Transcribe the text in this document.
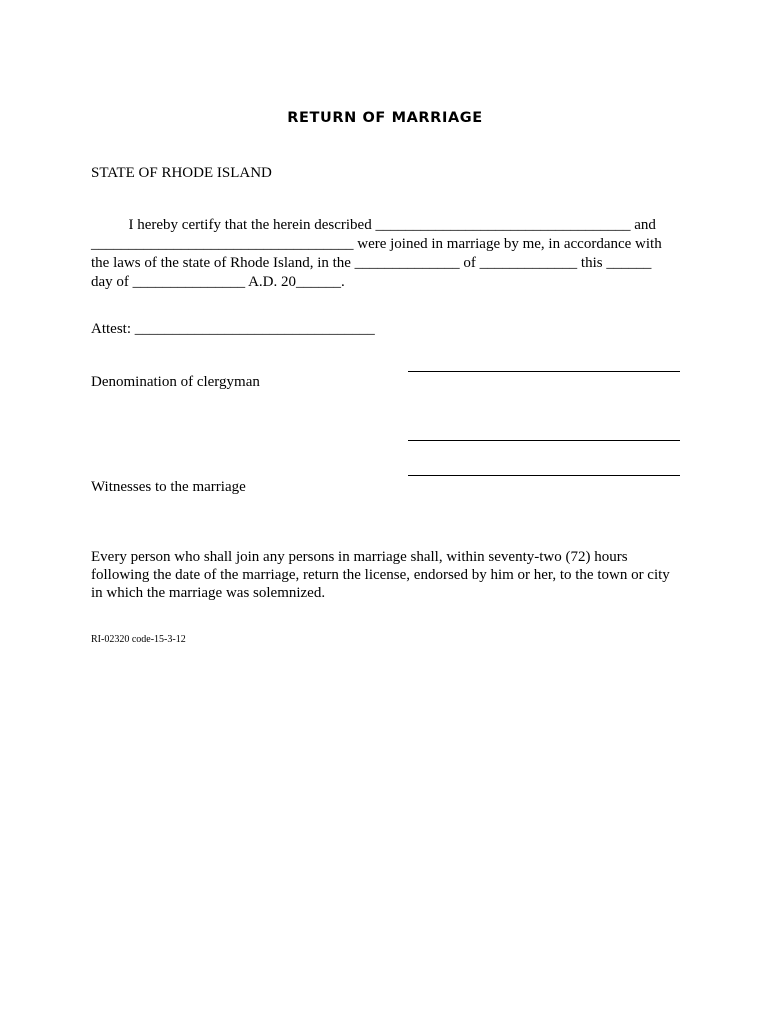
RETURN OF MARRIAGE
STATE OF RHODE ISLAND
I hereby certify that the herein described __________________________________ and
___________________________________ were joined in marriage by me, in accordance with
the laws of the state of Rhode Island, in the ______________ of _____________ this ______
day of _______________ A.D. 20______.
Attest: ________________________________
Denomination of clergyman
Witnesses to the marriage
Every person who shall join any persons in marriage shall, within seventy-two (72) hours
following the date of the marriage, return the license, endorsed by him or her, to the town or city
in which the marriage was solemnized.
RI-02320 code-15-3-12
